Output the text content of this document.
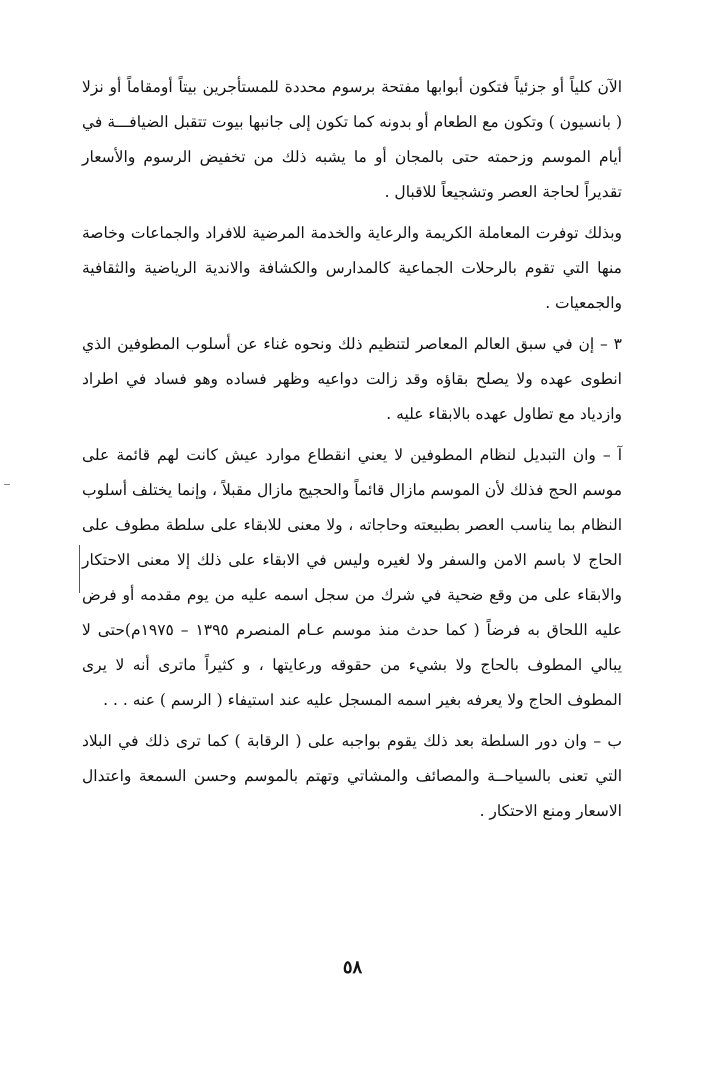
الآن كلياً أو جزئياً فتكون أبوابها مفتحة برسوم محددة للمستأجرين بيتاً أومقاماً أو نزلا ( بانسيون ) وتكون مع الطعام أو بدونه كما تكون إلى جانبها بيوت تتقبل الضيافـــة في أيام الموسم وزحمته حتى بالمجان أو ما يشبه ذلك من تخفيض الرسوم والأسعار تقديراً لحاجة العصر وتشجيعاً للاقبال .

وبذلك توفرت المعاملة الكريمة والرعاية والخدمة المرضية للافراد والجماعات وخاصة منها التي تقوم بالرحلات الجماعية كالمدارس والكشافة والاندية الرياضية والثقافية والجمعيات .

٣ – إن في سبق العالم المعاصر لتنظيم ذلك ونحوه غناء عن أسلوب المطوفين الذي انطوى عهده ولا يصلح بقاؤه وقد زالت دواعيه وظهر فساده وهو فساد في اطراد وازدياد مع تطاول عهده بالابقاء عليه .

آ – وان التبديل لنظام المطوفين لا يعني انقطاع موارد عيش كانت لهم قائمة على موسم الحج فذلك لأن الموسم مازال قائماً والحجيج مازال مقبلاً ، وإنما يختلف أسلوب النظام بما يناسب العصر بطبيعته وحاجاته ، ولا معنى للابقاء على سلطة مطوف على الحاج لا باسم الامن والسفر ولا لغيره وليس في الابقاء على ذلك إلا معنى الاحتكار والابقاء على من وقع ضحية في شرك من سجل اسمه عليه من يوم مقدمه أو فرض عليه اللحاق به فرضاً ( كما حدث منذ موسم عـام المنصرم ١٣٩٥ – ١٩٧٥م)حتى لا يبالي المطوف بالحاج ولا بشيء من حقوقه ورعايتها ، و كثيراً ماترى أنه لا يرى المطوف الحاج ولا يعرفه بغير اسمه المسجل عليه عند استيفاء ( الرسم ) عنه . . .

ب – وان دور السلطة بعد ذلك يقوم بواجبه على ( الرقابة ) كما ترى ذلك في البلاد التي تعنى بالسياحــة والمصائف والمشاتي وتهتم بالموسم وحسن السمعة واعتدال الاسعار ومنع الاحتكار .

٥٨
